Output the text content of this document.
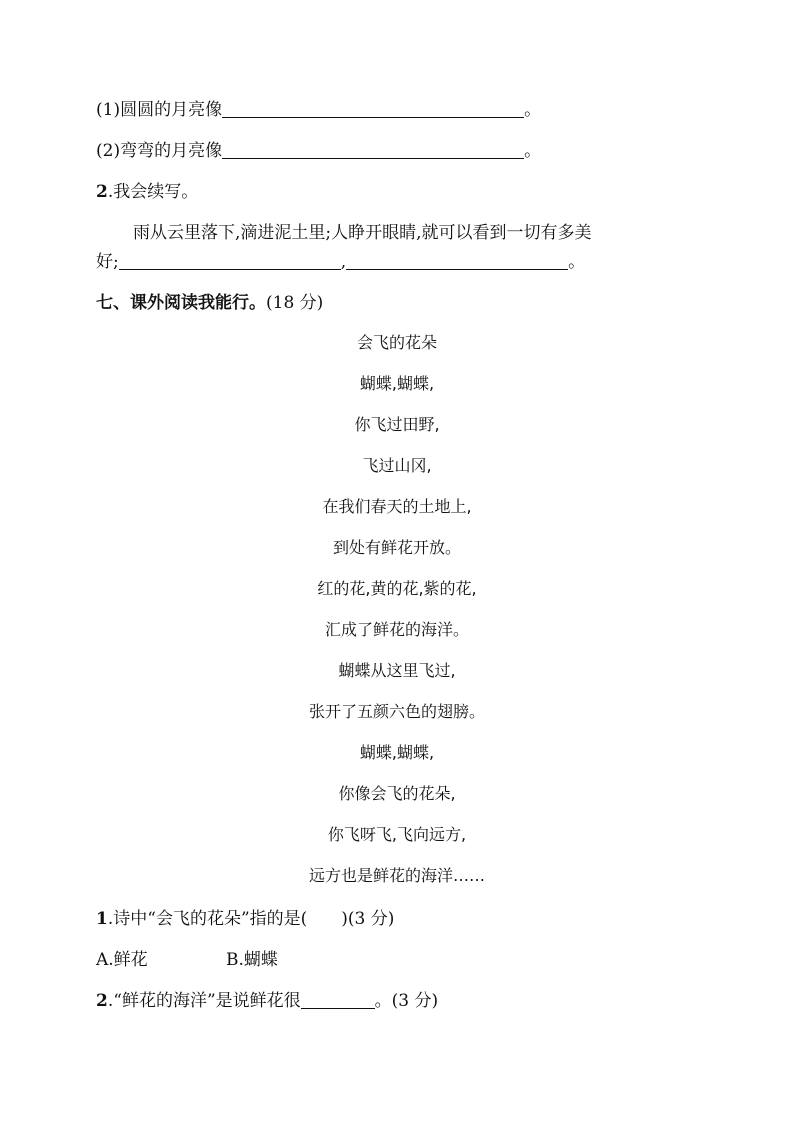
(1)圆圆的月亮像	。
(2)弯弯的月亮像	。
2.我会续写。
雨从云里落下,滴进泥土里;人睁开眼睛,就可以看到一切有多美
好;	,	。
七、课外阅读我能行。(18 分)
会飞的花朵
蝴蝶,蝴蝶,
你飞过田野,
飞过山冈,
在我们春天的土地上,
到处有鲜花开放。
红的花,黄的花,紫的花,
汇成了鲜花的海洋。
蝴蝶从这里飞过,
张开了五颜六色的翅膀。
蝴蝶,蝴蝶,
你像会飞的花朵,
你飞呀飞,飞向远方,
远方也是鲜花的海洋……
1.诗中“会飞的花朵”指的是(　　)(3 分)
A.鲜花	B.蝴蝶
2.“鲜花的海洋”是说鲜花很	。(3 分)
